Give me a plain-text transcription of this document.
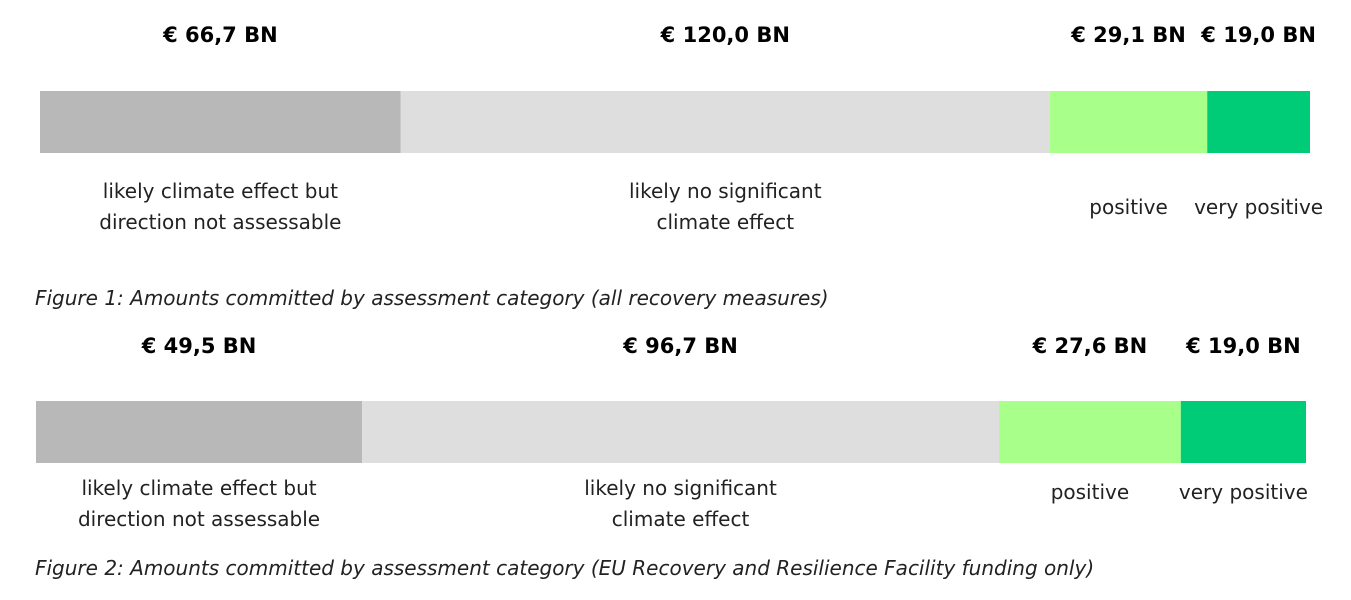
€ 66,7 BN
likely climate effect but direction not assessable
€ 120,0 BN
likely no significant climate effect
€ 29,1 BN
positive
€ 19,0 BN
very positive

Figure 1: Amounts committed by assessment category (all recovery measures)

€ 49,5 BN
likely climate effect but direction not assessable
€ 96,7 BN
likely no significant climate effect
€ 27,6 BN
positive
€ 19,0 BN
very positive

Figure 2: Amounts committed by assessment category (EU Recovery and Resilience Facility funding only)
